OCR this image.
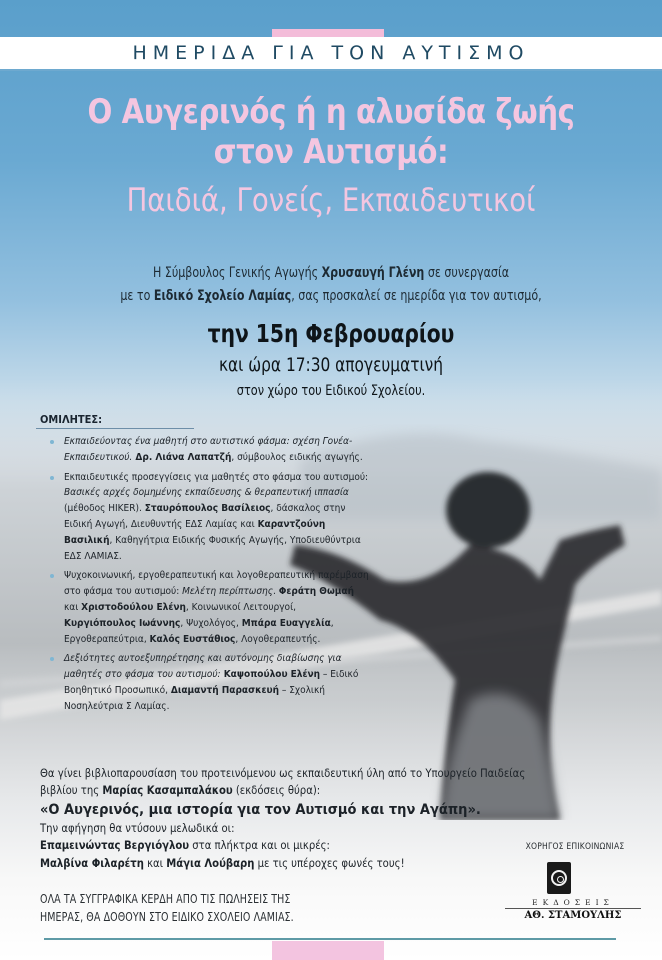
ΗΜΕΡΙΔΑ ΓΙΑ ΤΟΝ ΑΥΤΙΣΜΟ
Ο Αυγερινός ή η αλυσίδα ζωής
στον Αυτισμό:
Παιδιά, Γονείς, Εκπαιδευτικοί
Η Σύμβουλος Γενικής Αγωγής Χρυσαυγή Γλένη σε συνεργασία
με το Ειδικό Σχολείο Λαμίας, σας προσκαλεί σε ημερίδα για τον αυτισμό,
την 15η Φεβρουαρίου
και ώρα 17:30 απογευματινή
στον χώρο του Ειδικού Σχολείου.
ΟΜΙΛΗΤΕΣ:
Εκπαιδεύοντας ένα μαθητή στο αυτιστικό φάσμα: σχέση Γονέα-Εκπαιδευτικού. Δρ. Λιάνα Λαπατζή, σύμβουλος ειδικής αγωγής.
Εκπαιδευτικές προσεγγίσεις για μαθητές στο φάσμα του αυτισμού: Βασικές αρχές δομημένης εκπαίδευσης & θεραπευτική ιππασία (μέθοδος HIKER). Σταυρόπουλος Βασίλειος, δάσκαλος στην Ειδική Αγωγή, Διευθυντής ΕΔΣ Λαμίας και Καραντζούνη Βασιλική, Καθηγήτρια Ειδικής Φυσικής Αγωγής, Υποδιευθύντρια ΕΔΣ ΛΑΜΙΑΣ.
Ψυχοκοινωνική, εργοθεραπευτική και λογοθεραπευτική παρέμβαση στο φάσμα του αυτισμού: Μελέτη περίπτωσης. Φεράτη Θωμαή και Χριστοδούλου Ελένη, Κοινωνικοί Λειτουργοί, Κυργιόπουλος Ιωάννης, Ψυχολόγος, Μπάρα Ευαγγελία, Εργοθεραπεύτρια, Καλός Ευστάθιος, Λογοθεραπευτής.
Δεξιότητες αυτοεξυπηρέτησης και αυτόνομης διαβίωσης για μαθητές στο φάσμα του αυτισμού: Καψοπούλου Ελένη – Ειδικό Βοηθητικό Προσωπικό, Διαμαντή Παρασκευή – Σχολική Νοσηλεύτρια Σ Λαμίας.
Θα γίνει βιβλιοπαρουσίαση του προτεινόμενου ως εκπαιδευτική ύλη από το Υπουργείο Παιδείας
βιβλίου της Μαρίας Κασαμπαλάκου (εκδόσεις θύρα):
«Ο Αυγερινός, μια ιστορία για τον Αυτισμό και την Αγάπη».
Την αφήγηση θα ντύσουν μελωδικά οι:
Επαμεινώντας Βεργιόγλου στα πλήκτρα και οι μικρές:
Μαλβίνα Φιλαρέτη και Μάγια Λούβαρη με τις υπέροχες φωνές τους!
ΧΟΡΗΓΟΣ ΕΠΙΚΟΙΝΩΝΙΑΣ
ΕΚΔΟΣΕΙΣ
ΑΘ. ΣΤΑΜΟΥΛΗΣ
ΟΛΑ ΤΑ ΣΥΓΓΡΑΦΙΚΑ ΚΕΡΔΗ ΑΠΟ ΤΙΣ ΠΩΛΗΣΕΙΣ ΤΗΣ
ΗΜΕΡΑΣ, ΘΑ ΔΟΘΟΥΝ ΣΤΟ ΕΙΔΙΚΟ ΣΧΟΛΕΙΟ ΛΑΜΙΑΣ.
